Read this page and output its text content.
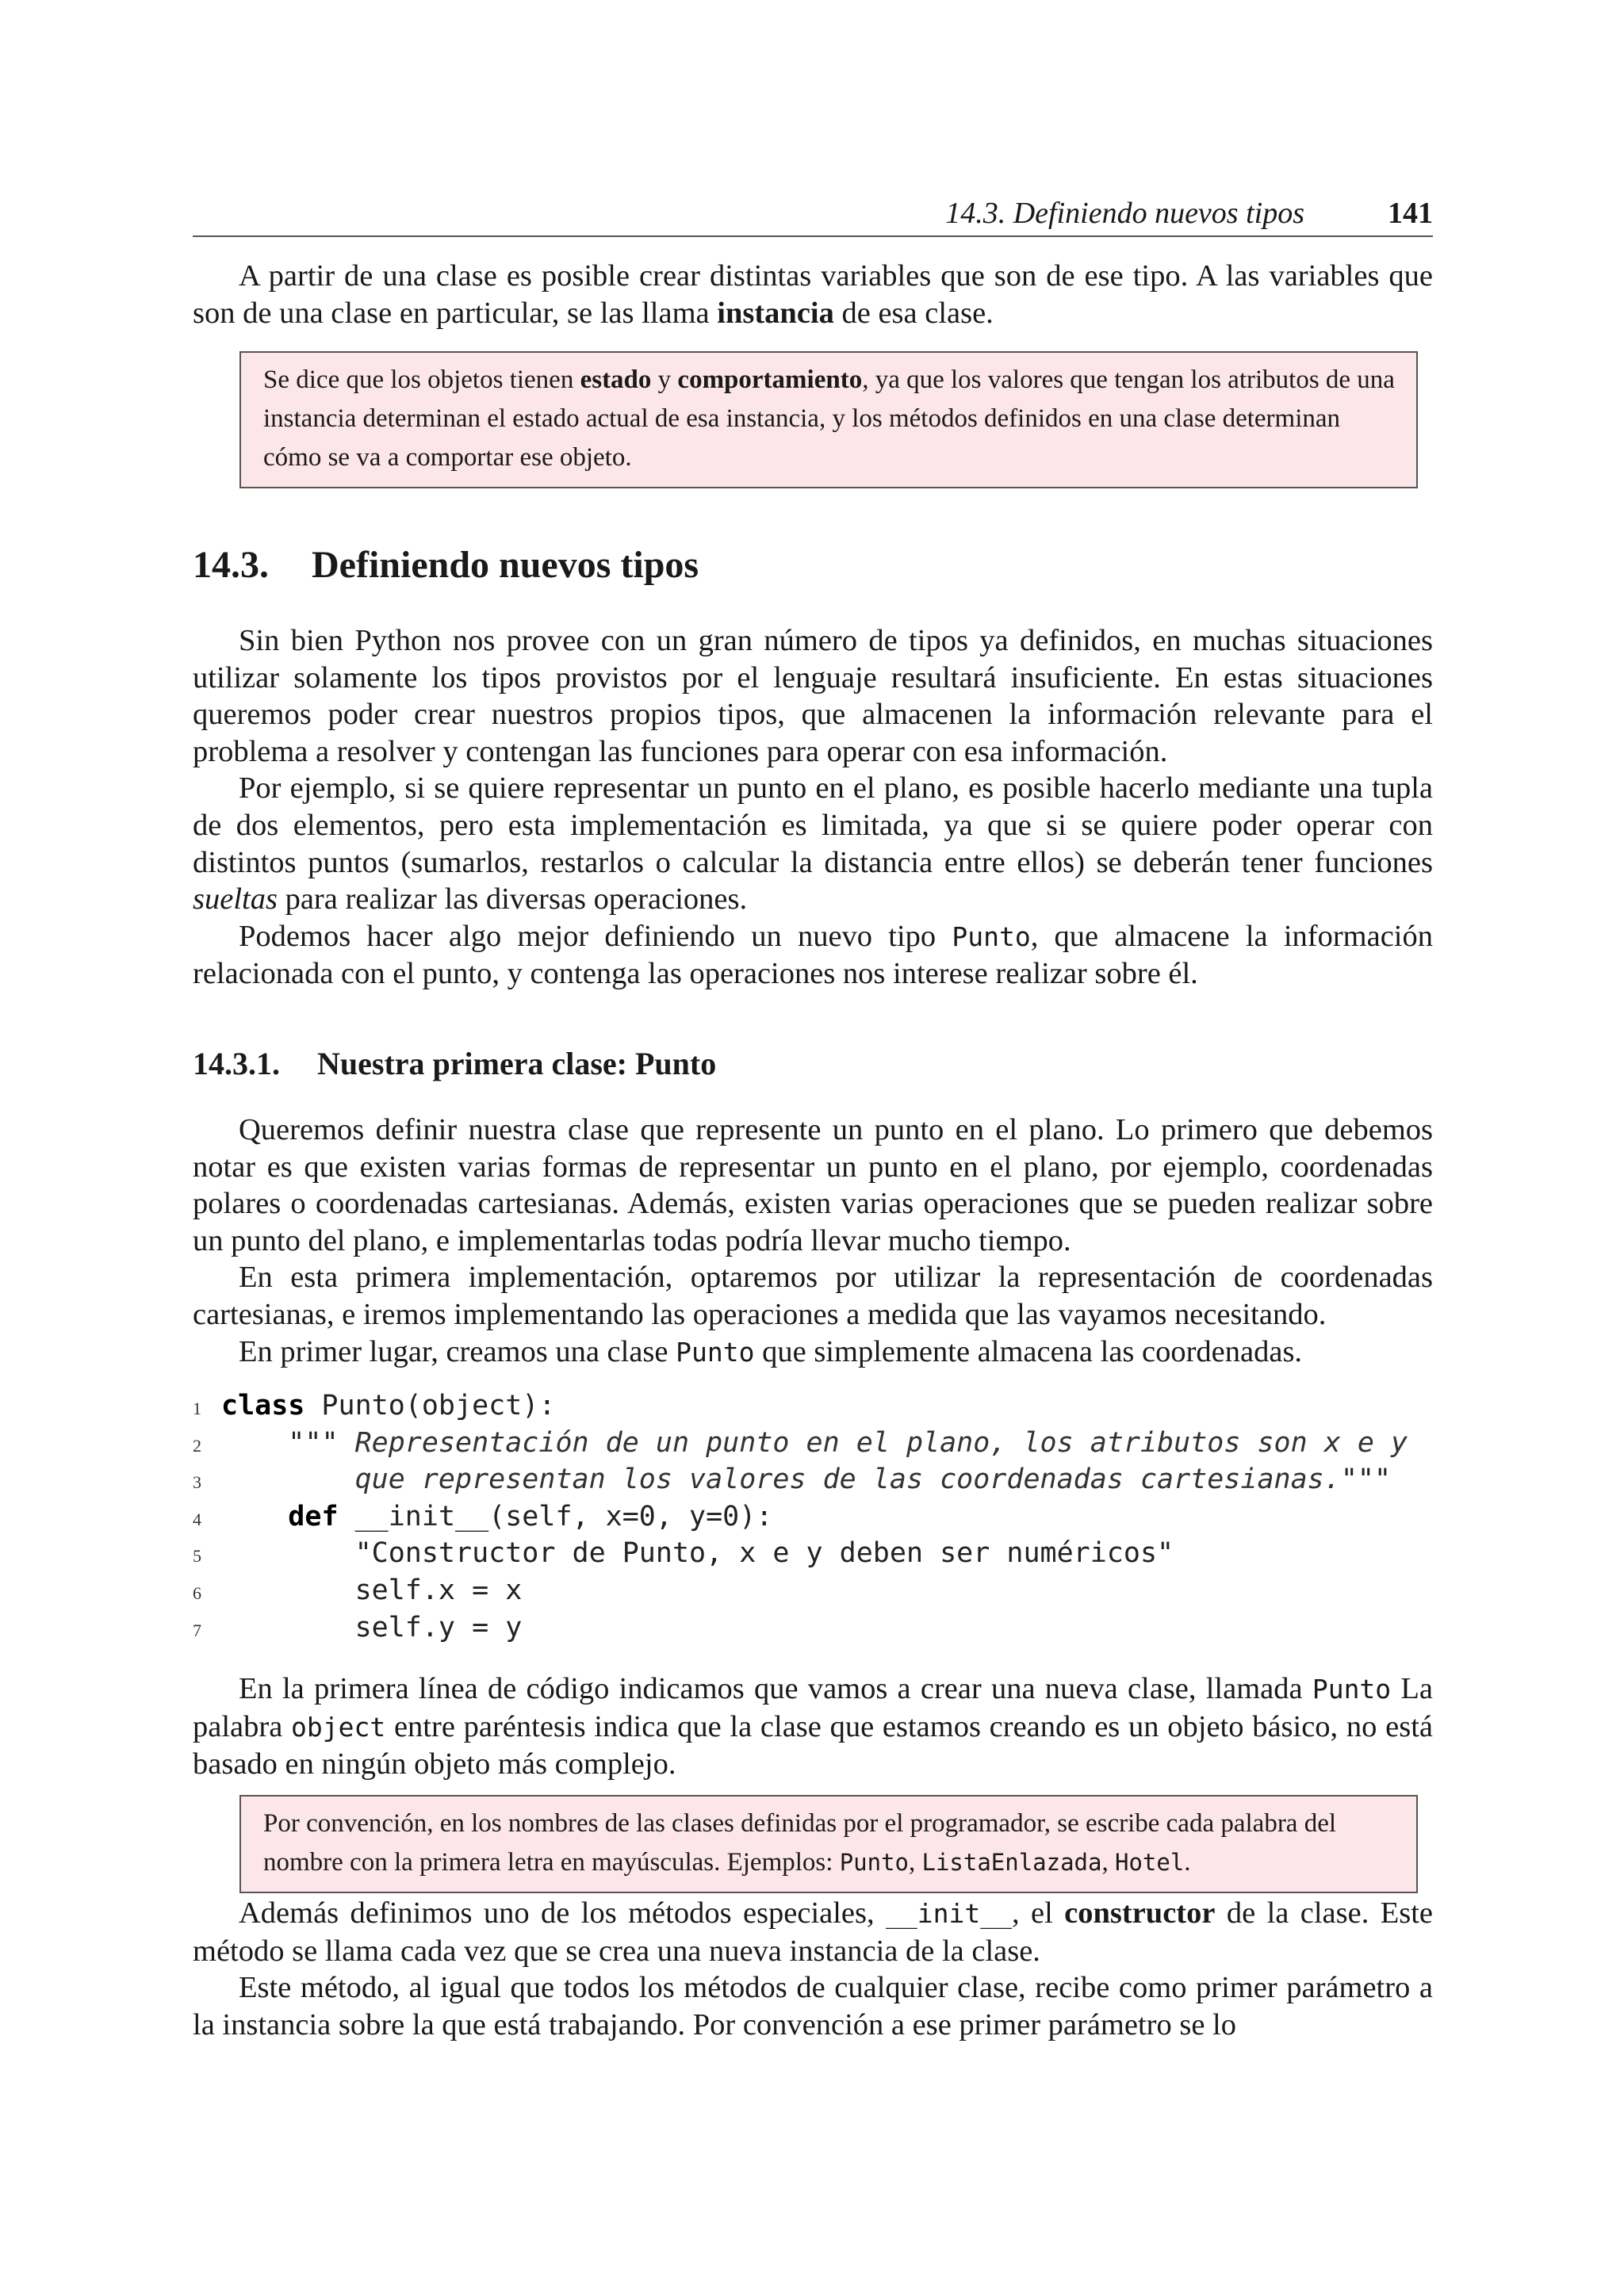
14.3. Definiendo nuevos tipos	141

A partir de una clase es posible crear distintas variables que son de ese tipo. A las variables que son de una clase en particular, se las llama instancia de esa clase.

Se dice que los objetos tienen estado y comportamiento, ya que los valores que tengan los atributos de una instancia determinan el estado actual de esa instancia, y los métodos definidos en una clase determinan cómo se va a comportar ese objeto.

14.3. Definiendo nuevos tipos

Sin bien Python nos provee con un gran número de tipos ya definidos, en muchas situaciones utilizar solamente los tipos provistos por el lenguaje resultará insuficiente. En estas situaciones queremos poder crear nuestros propios tipos, que almacenen la información relevante para el problema a resolver y contengan las funciones para operar con esa información.

Por ejemplo, si se quiere representar un punto en el plano, es posible hacerlo mediante una tupla de dos elementos, pero esta implementación es limitada, ya que si se quiere poder operar con distintos puntos (sumarlos, restarlos o calcular la distancia entre ellos) se deberán tener funciones sueltas para realizar las diversas operaciones.

Podemos hacer algo mejor definiendo un nuevo tipo Punto, que almacene la información relacionada con el punto, y contenga las operaciones nos interese realizar sobre él.

14.3.1. Nuestra primera clase: Punto

Queremos definir nuestra clase que represente un punto en el plano. Lo primero que debemos notar es que existen varias formas de representar un punto en el plano, por ejemplo, coordenadas polares o coordenadas cartesianas. Además, existen varias operaciones que se pueden realizar sobre un punto del plano, e implementarlas todas podría llevar mucho tiempo.

En esta primera implementación, optaremos por utilizar la representación de coordenadas cartesianas, e iremos implementando las operaciones a medida que las vayamos necesitando.

En primer lugar, creamos una clase Punto que simplemente almacena las coordenadas.

1 class Punto(object):
2	""" Representación de un punto en el plano, los atributos son x e y
3	que representan los valores de las coordenadas cartesianas."""
4	def __init__(self, x=0, y=0):
5        "Constructor de Punto, x e y deben ser numéricos"
6        self.x = x
7        self.y = y

En la primera línea de código indicamos que vamos a crear una nueva clase, llamada Punto La palabra object entre paréntesis indica que la clase que estamos creando es un objeto básico, no está basado en ningún objeto más complejo.

Por convención, en los nombres de las clases definidas por el programador, se escribe cada palabra del nombre con la primera letra en mayúsculas. Ejemplos: Punto, ListaEnlazada, Hotel.

Además definimos uno de los métodos especiales, __init__, el constructor de la clase. Este método se llama cada vez que se crea una nueva instancia de la clase.

Este método, al igual que todos los métodos de cualquier clase, recibe como primer parámetro a la instancia sobre la que está trabajando. Por convención a ese primer parámetro se lo
